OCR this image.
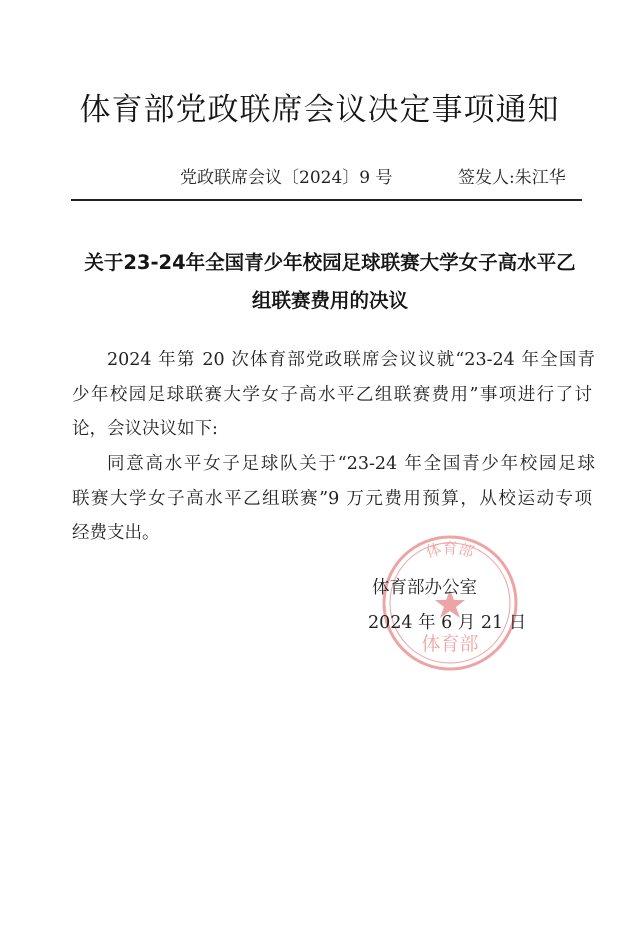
体育部党政联席会议决定事项通知
党政联席会议〔2024〕9 号	签发人:朱江华
关于23-24年全国青少年校园足球联赛大学女子高水平乙
组联赛费用的决议
2024 年第 20 次体育部党政联席会议议就“23-24 年全国青
少年校园足球联赛大学女子高水平乙组联赛费用”事项进行了讨
论，会议决议如下:
同意高水平女子足球队关于“23-24 年全国青少年校园足球
联赛大学女子高水平乙组联赛”9 万元费用预算，从校运动专项
经费支出。
体育部
体育部
体育部办公室
2024 年 6 月 21 日
